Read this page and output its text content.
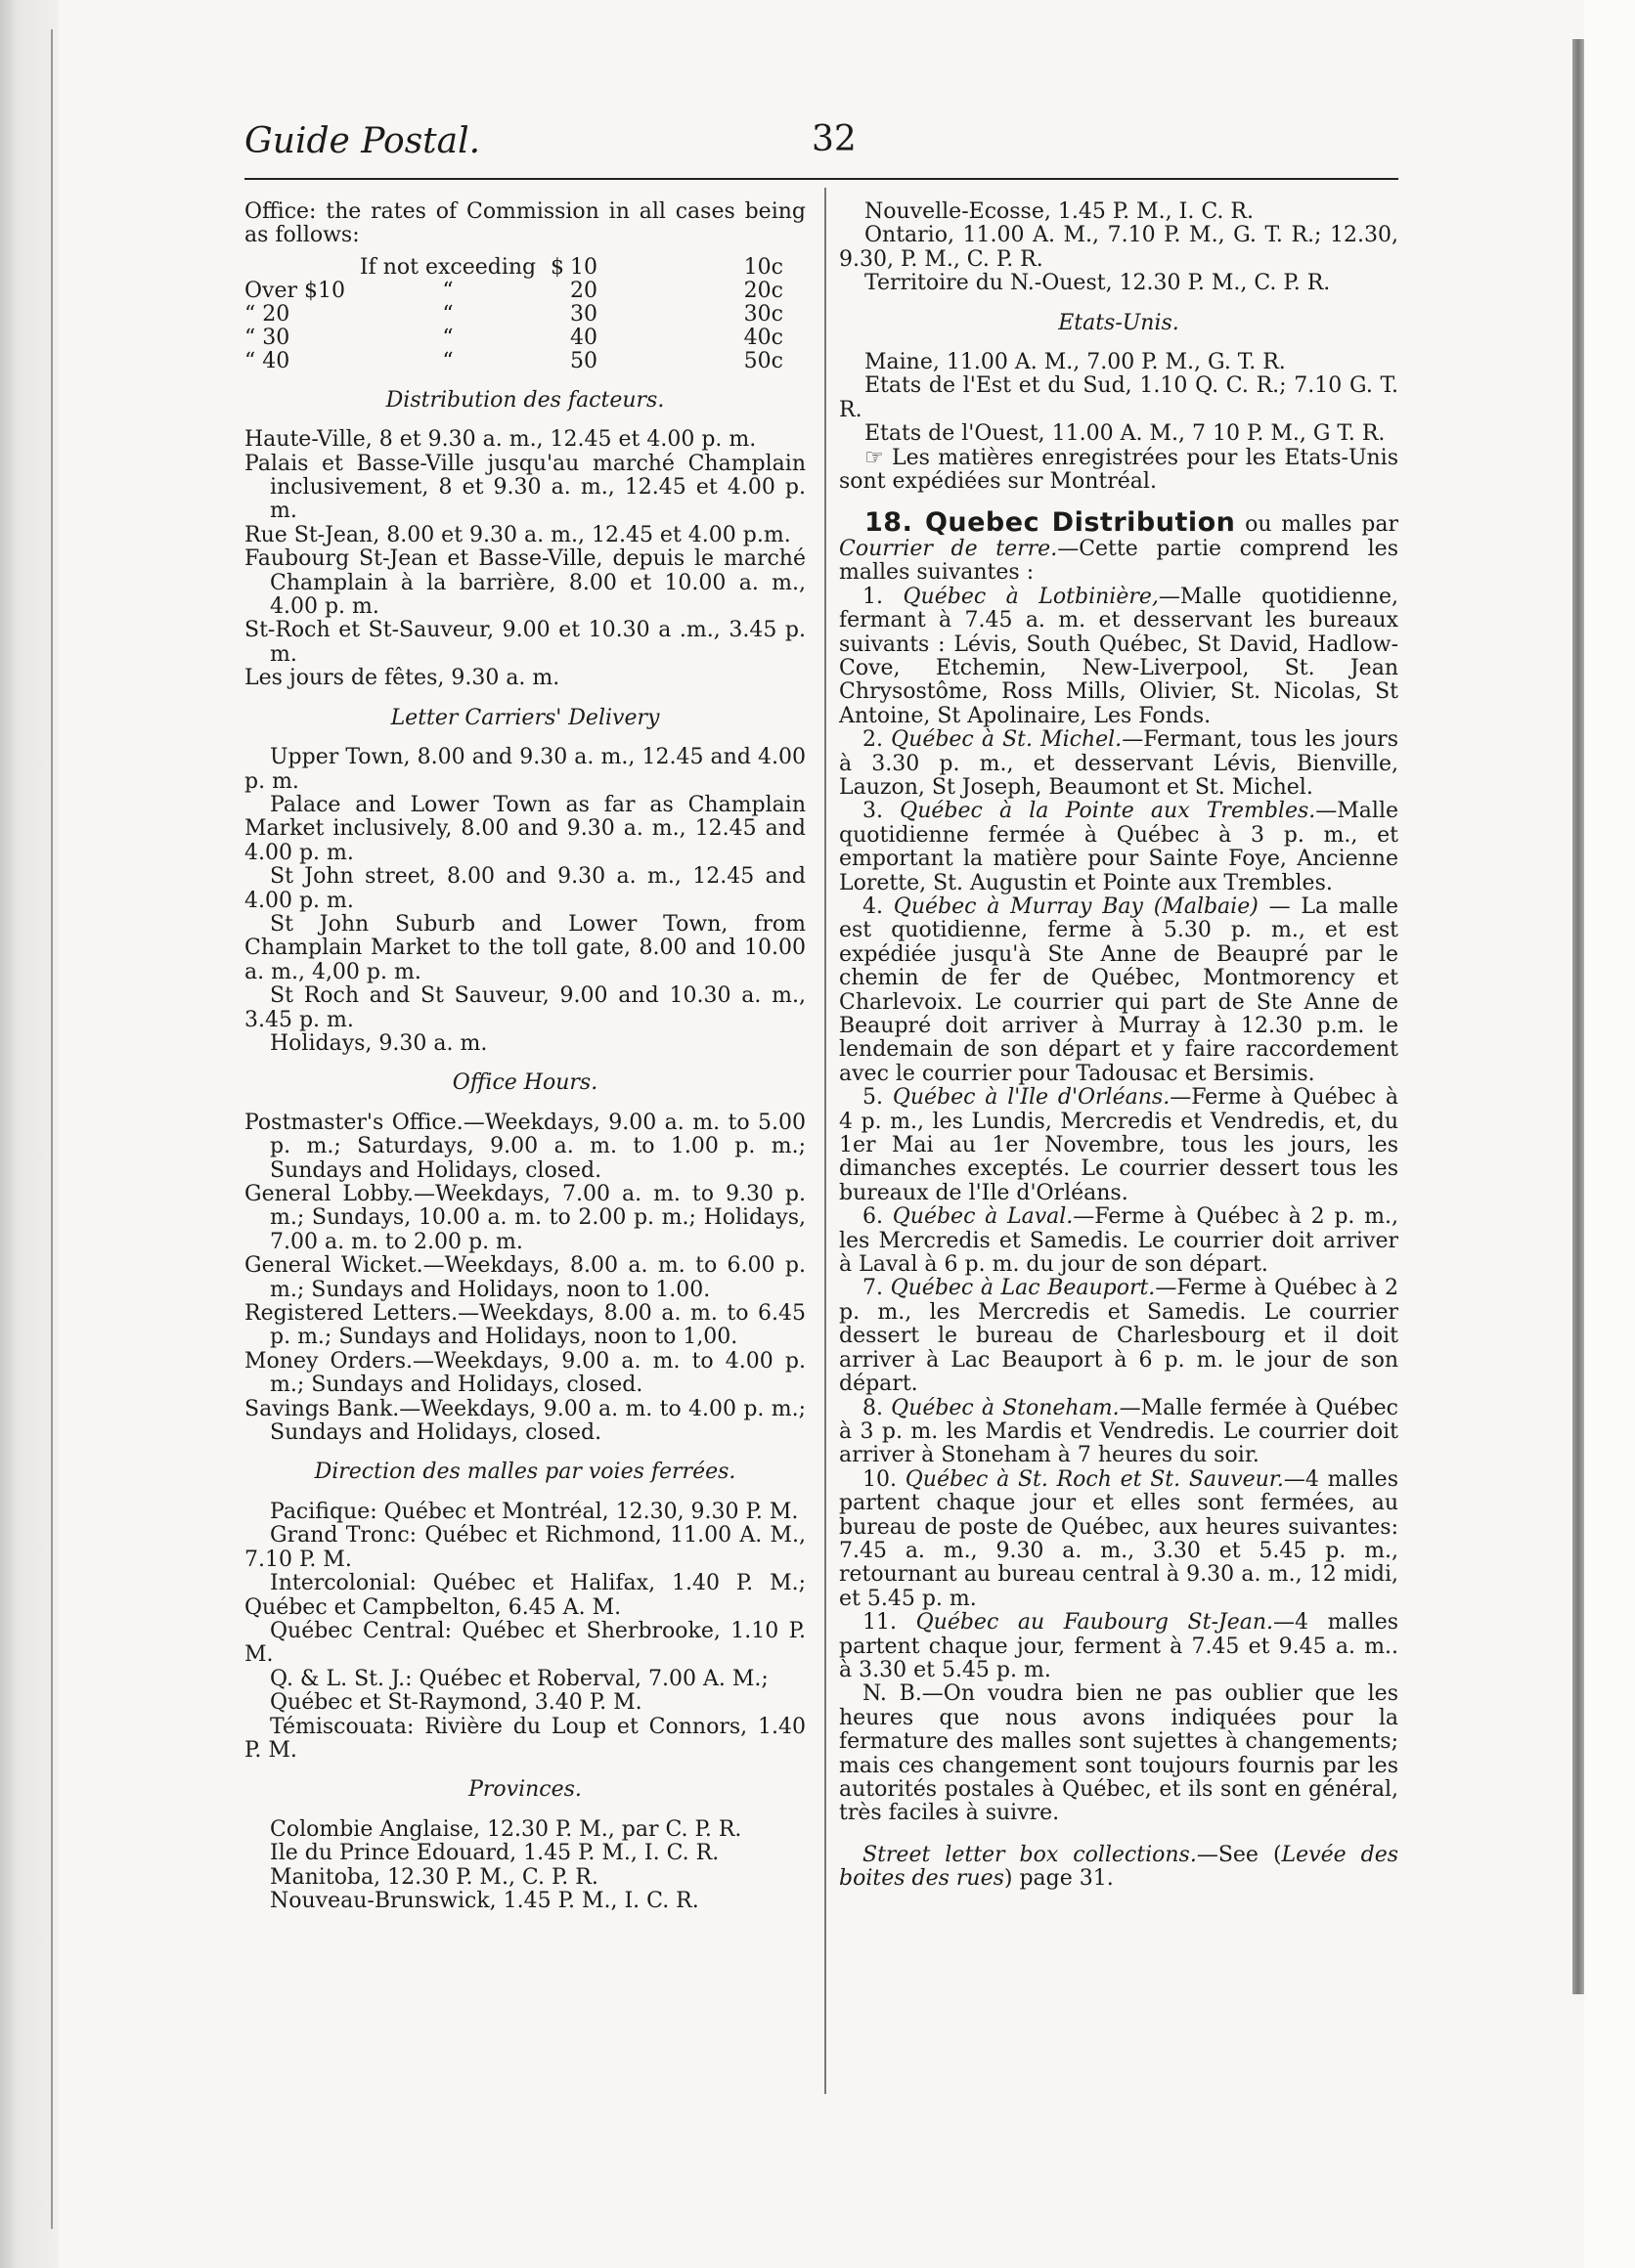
Guide Postal.	32

Office: the rates of Commission in all cases being as follows:

	If not exceeding	$	10	10c
Over $10	“		20	20c
“ 20	“		30	30c
“ 30	“		40	40c
“ 40	“		50	50c
Distribution des facteurs.

Haute-Ville, 8 et 9.30 a. m., 12.45 et 4.00 p. m.

Palais et Basse-Ville jusqu'au marché Champlain inclusivement, 8 et 9.30 a. m., 12.45 et 4.00 p. m.

Rue St-Jean, 8.00 et 9.30 a. m., 12.45 et 4.00 p.m.

Faubourg St-Jean et Basse-Ville, depuis le marché Champlain à la barrière, 8.00 et 10.00 a. m., 4.00 p. m.

St-Roch et St-Sauveur, 9.00 et 10.30 a .m., 3.45 p. m.

Les jours de fêtes, 9.30 a. m.

Letter Carriers' Delivery

Upper Town, 8.00 and 9.30 a. m., 12.45 and 4.00 p. m.

Palace and Lower Town as far as Champlain Market inclusively, 8.00 and 9.30 a. m., 12.45 and 4.00 p. m.

St John street, 8.00 and 9.30 a. m., 12.45 and 4.00 p. m.

St John Suburb and Lower Town, from Champlain Market to the toll gate, 8.00 and 10.00 a. m., 4,00 p. m.

St Roch and St Sauveur, 9.00 and 10.30 a. m., 3.45 p. m.

Holidays, 9.30 a. m.

Office Hours.

Postmaster's Office.—Weekdays, 9.00 a. m. to 5.00 p. m.; Saturdays, 9.00 a. m. to 1.00 p. m.; Sundays and Holidays, closed.

General Lobby.—Weekdays, 7.00 a. m. to 9.30 p. m.; Sundays, 10.00 a. m. to 2.00 p. m.; Holidays, 7.00 a. m. to 2.00 p. m.

General Wicket.—Weekdays, 8.00 a. m. to 6.00 p. m.; Sundays and Holidays, noon to 1.00.

Registered Letters.—Weekdays, 8.00 a. m. to 6.45 p. m.; Sundays and Holidays, noon to 1,00.

Money Orders.—Weekdays, 9.00 a. m. to 4.00 p. m.; Sundays and Holidays, closed.

Savings Bank.—Weekdays, 9.00 a. m. to 4.00 p. m.; Sundays and Holidays, closed.

Direction des malles par voies ferrées.

Pacifique: Québec et Montréal, 12.30, 9.30 P. M.

Grand Tronc: Québec et Richmond, 11.00 A. M., 7.10 P. M.

Intercolonial: Québec et Halifax, 1.40 P. M.; Québec et Campbelton, 6.45 A. M.

Québec Central: Québec et Sherbrooke, 1.10 P. M.

Q. & L. St. J.: Québec et Roberval, 7.00 A. M.;

Québec et St-Raymond, 3.40 P. M.

Témiscouata: Rivière du Loup et Connors, 1.40 P. M.

Provinces.

Colombie Anglaise, 12.30 P. M., par C. P. R.

Ile du Prince Edouard, 1.45 P. M., I. C. R.

Manitoba, 12.30 P. M., C. P. R.

Nouveau-Brunswick, 1.45 P. M., I. C. R.

Nouvelle-Ecosse, 1.45 P. M., I. C. R.

Ontario, 11.00 A. M., 7.10 P. M., G. T. R.; 12.30, 9.30, P. M., C. P. R.

Territoire du N.-Ouest, 12.30 P. M., C. P. R.

Etats-Unis.

Maine, 11.00 A. M., 7.00 P. M., G. T. R.

Etats de l'Est et du Sud, 1.10 Q. C. R.; 7.10 G. T. R.

Etats de l'Ouest, 11.00 A. M., 7 10 P. M., G T. R.

☞ Les matières enregistrées pour les Etats-Unis sont expédiées sur Montréal.

18. Quebec Distribution ou malles par Courrier de terre.—Cette partie comprend les malles suivantes :

1. Québec à Lotbinière,—Malle quotidienne, fermant à 7.45 a. m. et desservant les bureaux suivants : Lévis, South Québec, St David, Hadlow-Cove, Etchemin, New-Liverpool, St. Jean Chrysostôme, Ross Mills, Olivier, St. Nicolas, St Antoine, St Apolinaire, Les Fonds.

2. Québec à St. Michel.—Fermant, tous les jours à 3.30 p. m., et desservant Lévis, Bienville, Lauzon, St Joseph, Beaumont et St. Michel.

3. Québec à la Pointe aux Trembles.—Malle quotidienne fermée à Québec à 3 p. m., et emportant la matière pour Sainte Foye, Ancienne Lorette, St. Augustin et Pointe aux Trembles.

4. Québec à Murray Bay (Malbaie) — La malle est quotidienne, ferme à 5.30 p. m., et est expédiée jusqu'à Ste Anne de Beaupré par le chemin de fer de Québec, Montmorency et Charlevoix. Le courrier qui part de Ste Anne de Beaupré doit arriver à Murray à 12.30 p.m. le lendemain de son départ et y faire raccordement avec le courrier pour Tadousac et Bersimis.

5. Québec à l'Ile d'Orléans.—Ferme à Québec à 4 p. m., les Lundis, Mercredis et Vendredis, et, du 1er Mai au 1er Novembre, tous les jours, les dimanches exceptés. Le courrier dessert tous les bureaux de l'Ile d'Orléans.

6. Québec à Laval.—Ferme à Québec à 2 p. m., les Mercredis et Samedis. Le courrier doit arriver à Laval à 6 p. m. du jour de son départ.

7. Québec à Lac Beauport.—Ferme à Québec à 2 p. m., les Mercredis et Samedis. Le courrier dessert le bureau de Charlesbourg et il doit arriver à Lac Beauport à 6 p. m. le jour de son départ.

8. Québec à Stoneham.—Malle fermée à Québec à 3 p. m. les Mardis et Vendredis. Le courrier doit arriver à Stoneham à 7 heures du soir.

10. Québec à St. Roch et St. Sauveur.—4 malles partent chaque jour et elles sont fermées, au bureau de poste de Québec, aux heures suivantes: 7.45 a. m., 9.30 a. m., 3.30 et 5.45 p. m., retournant au bureau central à 9.30 a. m., 12 midi, et 5.45 p. m.

11. Québec au Faubourg St-Jean.—4 malles partent chaque jour, ferment à 7.45 et 9.45 a. m.. à 3.30 et 5.45 p. m.

N. B.—On voudra bien ne pas oublier que les heures que nous avons indiquées pour la fermature des malles sont sujettes à changements; mais ces changement sont toujours fournis par les autorités postales à Québec, et ils sont en général, très faciles à suivre.

Street letter box collections.—See (Levée des boites des rues) page 31.
